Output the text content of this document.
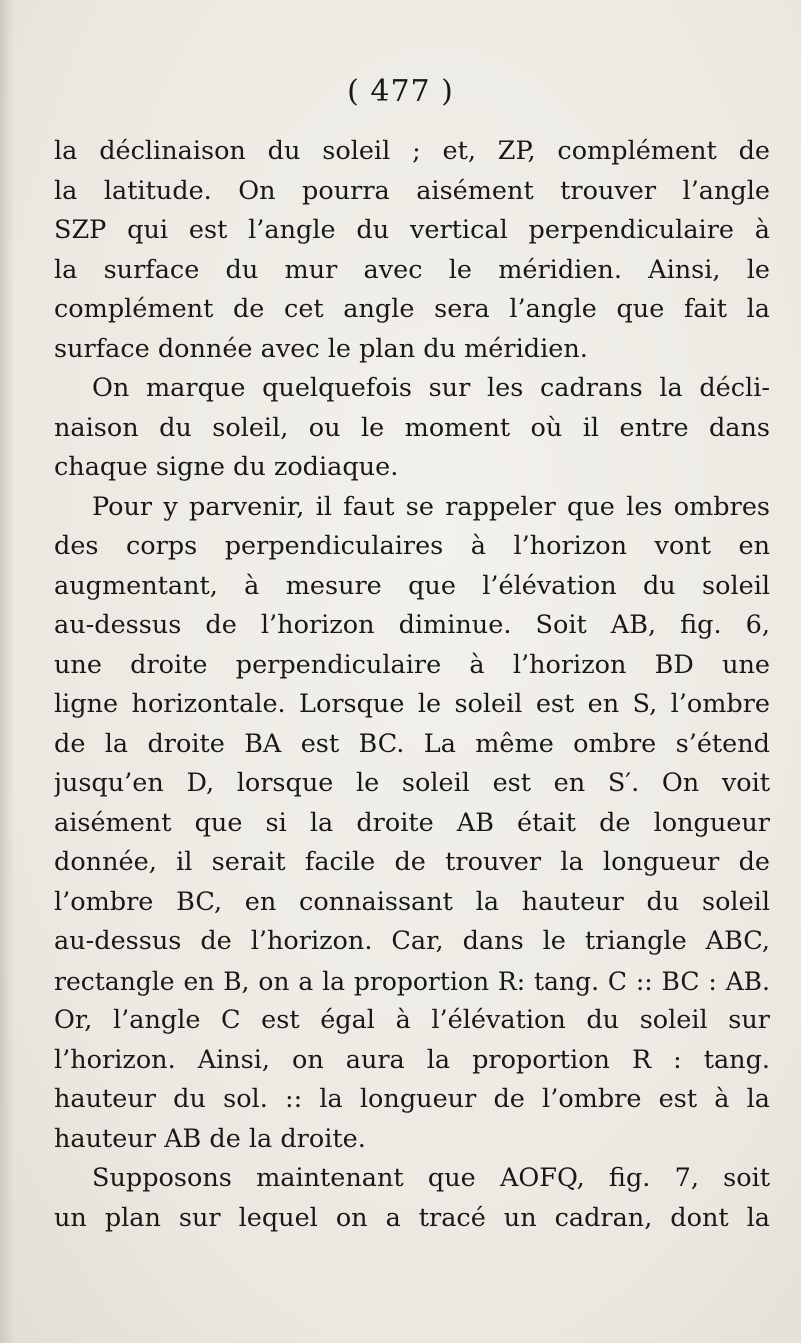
( 477 )
la déclinaison du soleil ; et, ZP, complément de
la latitude. On pourra aisément trouver l’angle
SZP qui est l’angle du vertical perpendiculaire à
la surface du mur avec le méridien. Ainsi, le
complément de cet angle sera l’angle que fait la
surface donnée avec le plan du méridien.
On marque quelquefois sur les cadrans la décli-
naison du soleil, ou le moment où il entre dans
chaque signe du zodiaque.
Pour y parvenir, il faut se rappeler que les ombres
des corps perpendiculaires à l’horizon vont en
augmentant, à mesure que l’élévation du soleil
au-dessus de l’horizon diminue. Soit AB, fig. 6,
une droite perpendiculaire à l’horizon BD une
ligne horizontale. Lorsque le soleil est en S, l’ombre
de la droite BA est BC. La même ombre s’étend
jusqu’en D, lorsque le soleil est en S′. On voit
aisément que si la droite AB était de longueur
donnée, il serait facile de trouver la longueur de
l’ombre BC, en connaissant la hauteur du soleil
au-dessus de l’horizon. Car, dans le triangle ABC,
rectangle en B, on a la proportion R: tang. C :: BC : AB.
Or, l’angle C est égal à l’élévation du soleil sur
l’horizon. Ainsi, on aura la proportion R : tang.
hauteur du sol. :: la longueur de l’ombre est à la
hauteur AB de la droite.
Supposons maintenant que AOFQ, fig. 7, soit
un plan sur lequel on a tracé un cadran, dont la
